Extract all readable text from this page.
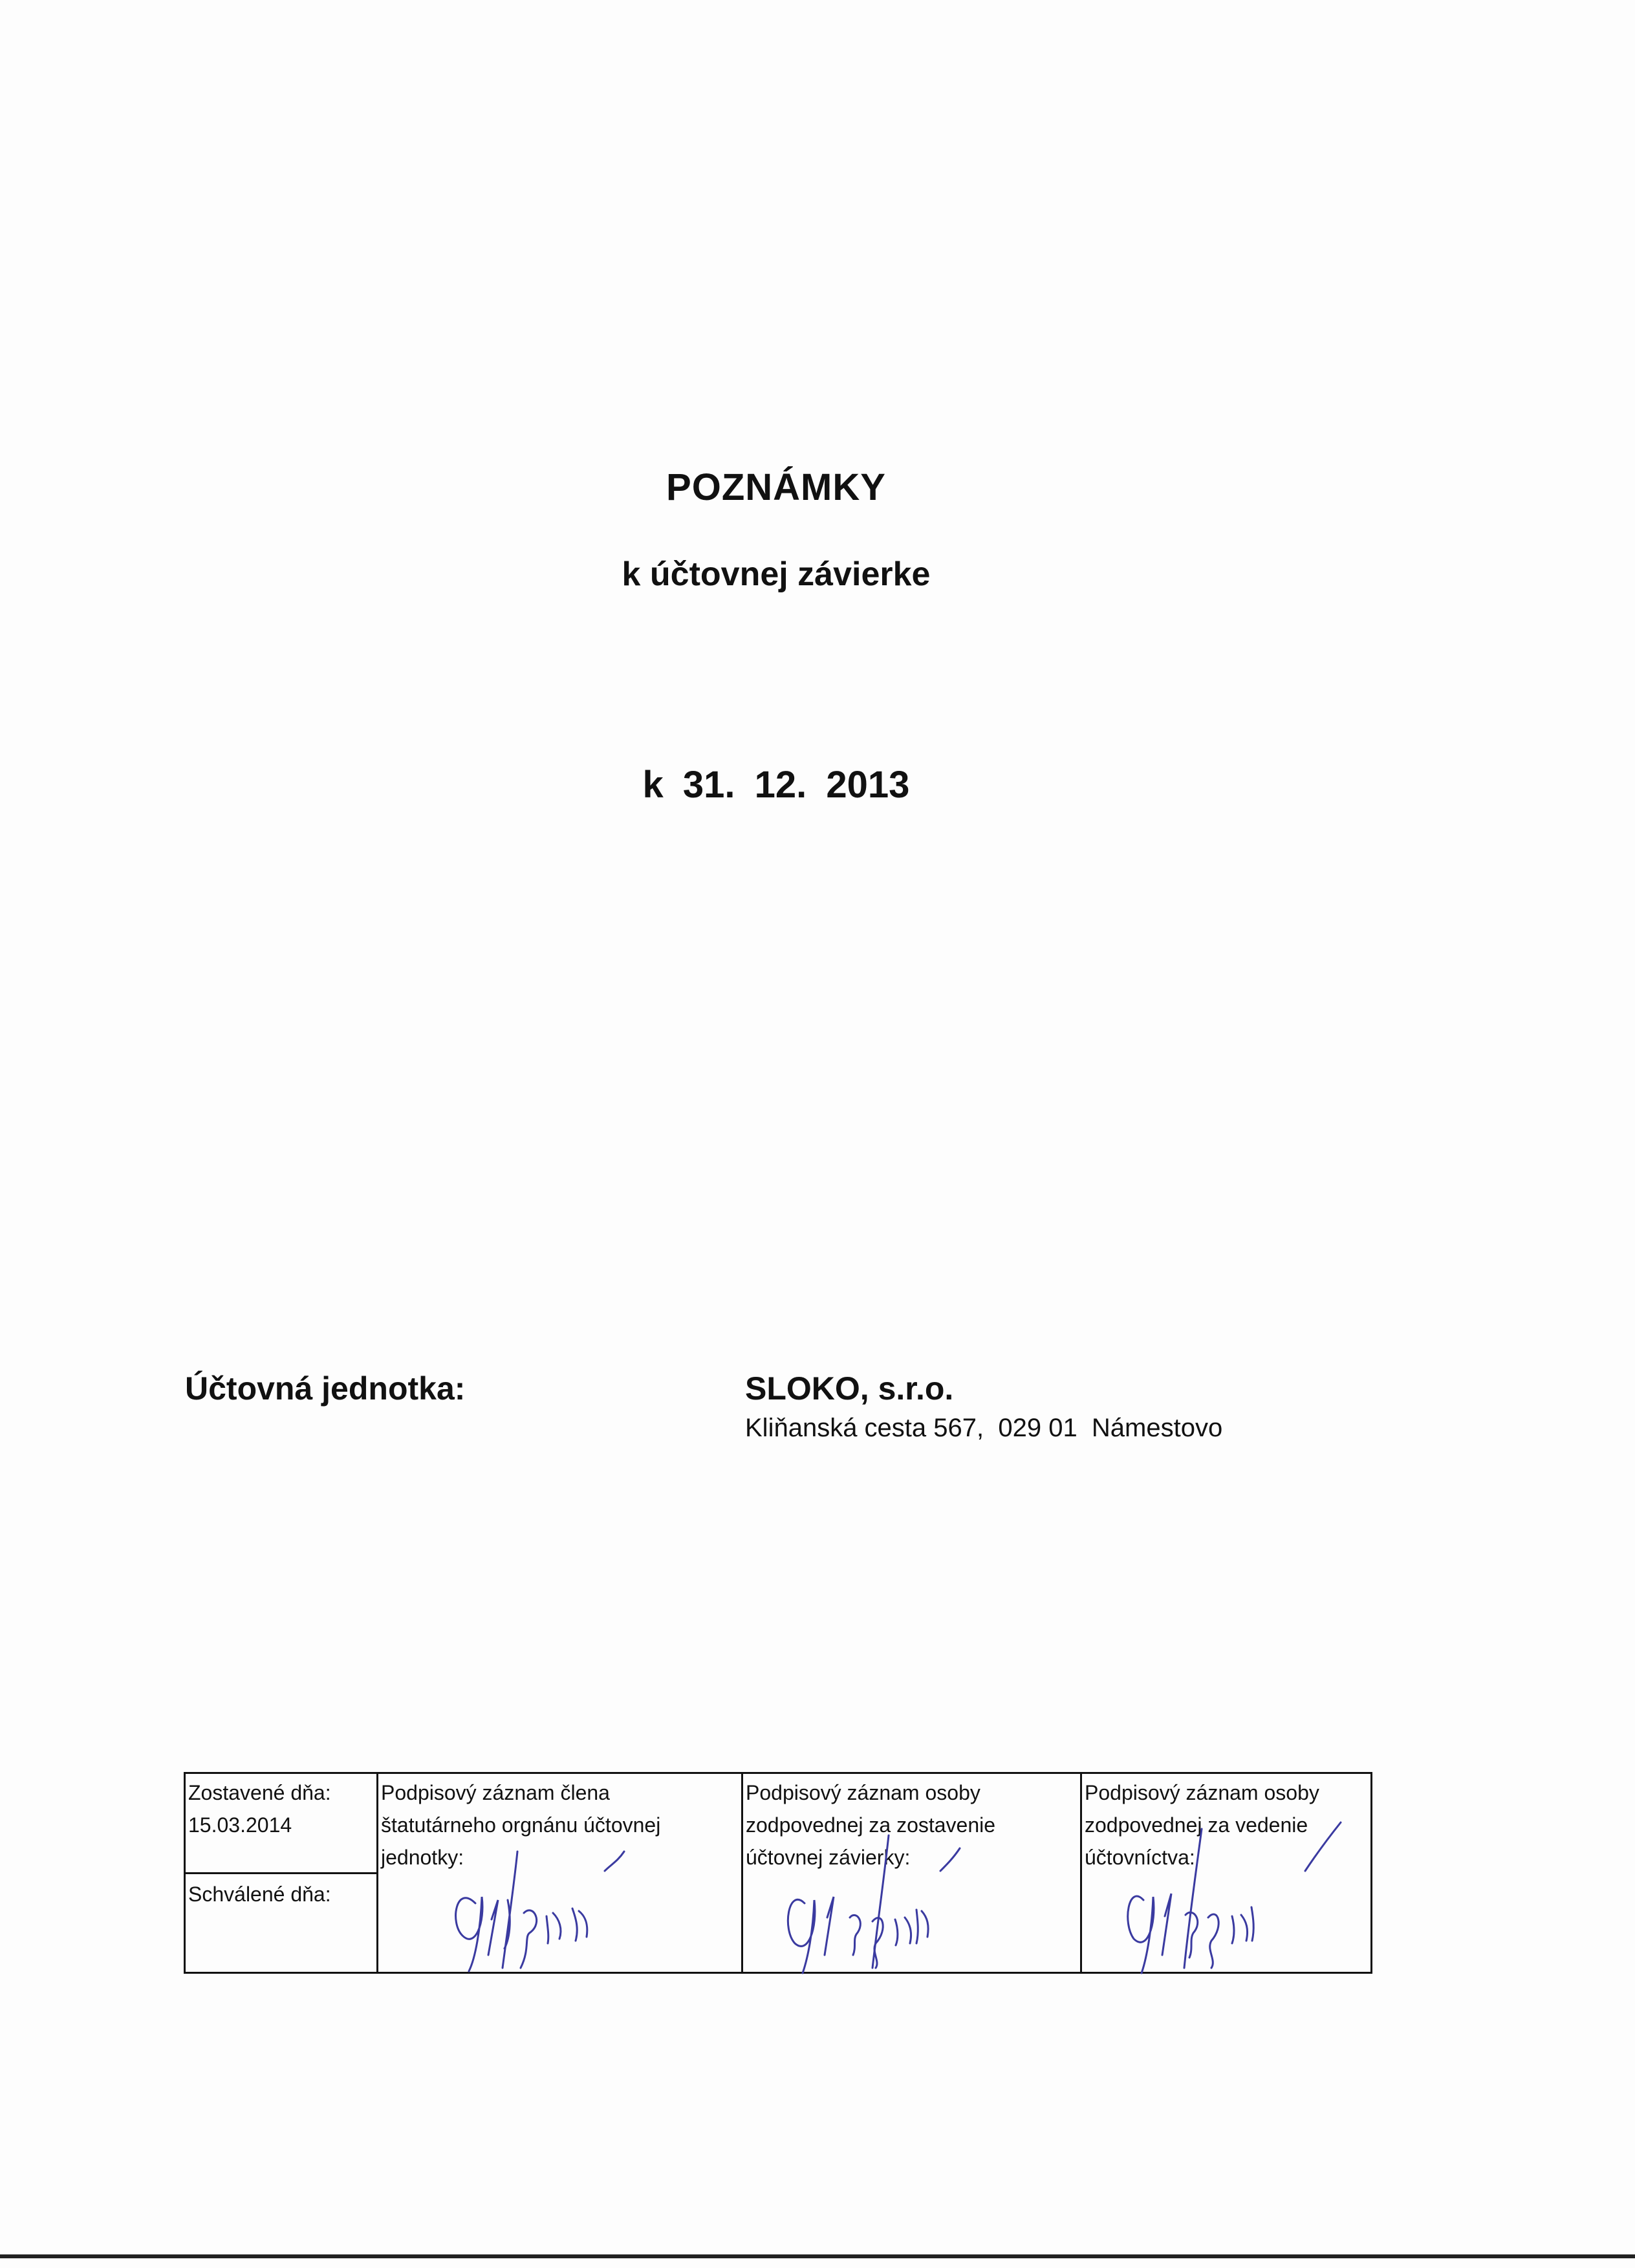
POZNÁMKY
k účtovnej závierke
k 31. 12. 2013
Účtovná jednotka:	SLOKO, s.r.o.
Kliňanská cesta 567,  029 01  Námestovo
Zostavené dňa:
15.03.2014
Schválené dňa:
Podpisový záznam člena
štatutárneho orgnánu účtovnej
jednotky:
Podpisový záznam osoby
zodpovednej za zostavenie
účtovnej závierky:
Podpisový záznam osoby
zodpovednej za vedenie
účtovníctva:
